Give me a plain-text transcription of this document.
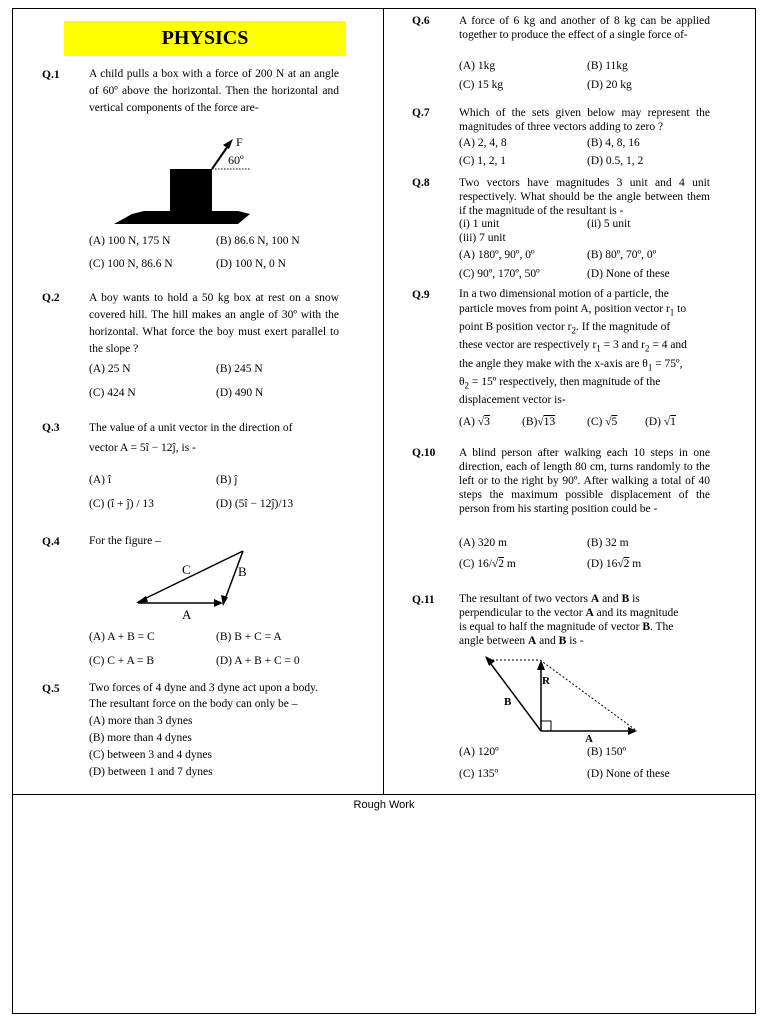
Rough Work
PHYSICS
Q.1	A child pulls a box with a force of 200 N at an angle of 60º above the horizontal. Then the horizontal and vertical components of the force are-
F
60º
(A) 100 N, 175 N	(B) 86.6 N, 100 N
(C) 100 N, 86.6 N	(D) 100 N, 0 N
Q.2	A boy wants to hold a 50 kg box at rest on a snow covered hill. The hill makes an angle of 30º with the horizontal. What force the boy must exert parallel to the slope ?
(A) 25 N	(B) 245 N
(C) 424 N	(D) 490 N
Q.3	The value of a unit vector in the direction of
vector A = 5î − 12ĵ, is -
(A) î	(B) ĵ
(C) (î + ĵ) / 13	(D) (5î − 12ĵ)/13
Q.4	For the figure –
C	B
A
(A) A + B = C	(B) B + C = A
(C) C + A = B	(D) A + B + C = 0
Q.5	Two forces of 4 dyne and 3 dyne act upon a body.
The resultant force on the body can only be –
(A) more than 3 dynes
(B) more than 4 dynes
(C) between 3 and 4 dynes
(D) between 1 and 7 dynes
Q.6	A force of 6 kg and another of 8 kg can be applied together to produce the effect of a single force of-
(A) 1kg	(B) 11kg
(C) 15 kg	(D) 20 kg
Q.7	Which of the sets given below may represent the magnitudes of three vectors adding to zero ?
(A) 2, 4, 8	(B) 4, 8, 16
(C) 1, 2, 1	(D) 0.5, 1, 2
Q.8	Two vectors have magnitudes 3 unit and 4 unit respectively. What should be the angle between them if the magnitude of the resultant is -
(i) 1 unit	(ii) 5 unit
(iii) 7 unit
(A) 180º, 90º, 0º	(B) 80º, 70º, 0º
(C) 90º, 170º, 50º	(D) None of these
Q.9	In a two dimensional motion of a particle, the
particle moves from point A, position vector $r_1$ to
point B position vector $r_2$. If the magnitude of
these vector are respectively $r_1 = 3$ and $r_2 = 4$ and
the angle they make with the x-axis are $\theta_1$ = 75º,
$\theta_2$ = 15º respectively, then magnitude of the
displacement vector is-
(A) √3	(B)√13	(C) √5 (D) √1
Q.10 A blind person after walking each 10 steps in one direction, each of length 80 cm, turns randomly to the left or to the right by 90º. After walking a total of 40 steps the maximum possible displacement of the person from his starting position could be -
(A) 320 m	(B) 32 m
(C) 16/√2 m	(D) 16√2 m
Q.11 The resultant of two vectors A and B is
perpendicular to the vector A and its magnitude
is equal to half the magnitude of vector B. The
angle between A and B is -
R
B
A
(A) 120º	(B) 150º
(C) 135º	(D) None of these
